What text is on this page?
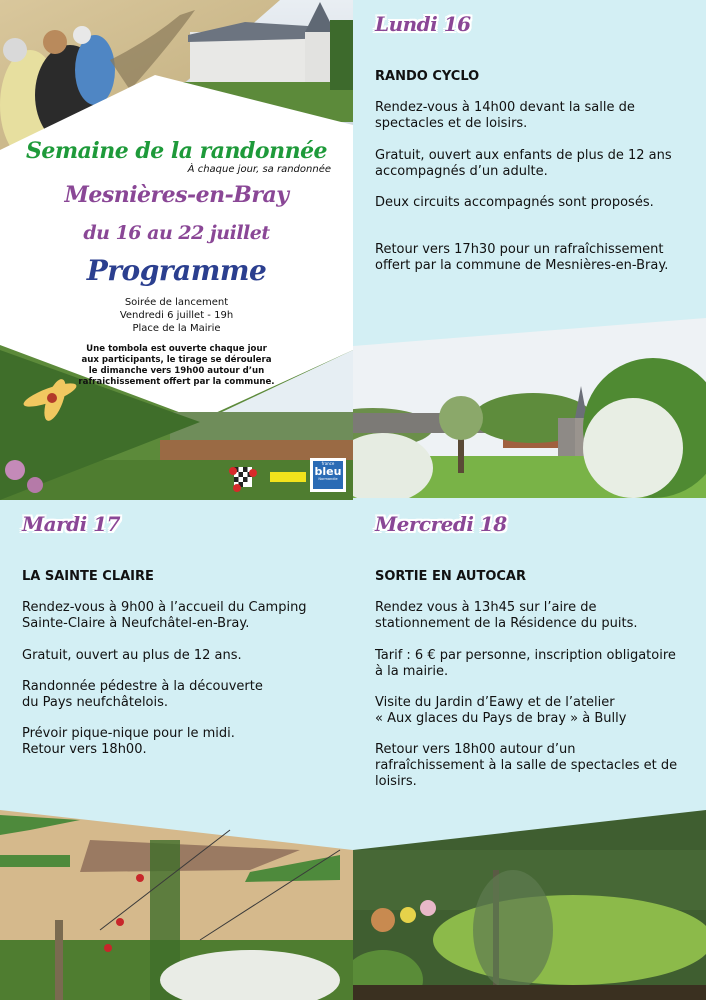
Semaine de la randonnée
À chaque jour, sa randonnée
Mesnières-en-Bray
du 16 au 22 juillet
Programme
Soirée de lancement
Vendredi 6 juillet - 19h
Place de la Mairie
Une tombola est ouverte chaque jour
aux participants, le tirage se déroulera
le dimanche vers 19h00 autour d’un
rafraichissement offert par la commune.
france
bleu
Normandie
Lundi 16
RANDO CYCLO
Rendez-vous à 14h00 devant la salle de
spectacles et de loisirs.
Gratuit, ouvert aux enfants de plus de 12 ans
accompagnés d’un adulte.
Deux circuits accompagnés sont proposés.
Retour vers 17h30 pour un rafraîchissement
offert par la commune de Mesnières-en-Bray.
Mardi 17
LA SAINTE CLAIRE
Rendez-vous à 9h00 à l’accueil du Camping
Sainte-Claire à Neufchâtel-en-Bray.
Gratuit, ouvert au plus de 12 ans.
Randonnée pédestre à la découverte
du Pays neufchâtelois.
Prévoir pique-nique pour le midi.
Retour vers 18h00.
Mercredi 18
SORTIE EN AUTOCAR
Rendez vous à 13h45 sur l’aire de
stationnement de la Résidence du puits.
Tarif : 6 € par personne, inscription obligatoire
à la mairie.
Visite du Jardin d’Eawy et de l’atelier
« Aux glaces du Pays de bray » à Bully
Retour vers 18h00 autour d’un
rafraîchissement à la salle de spectacles et de
loisirs.
